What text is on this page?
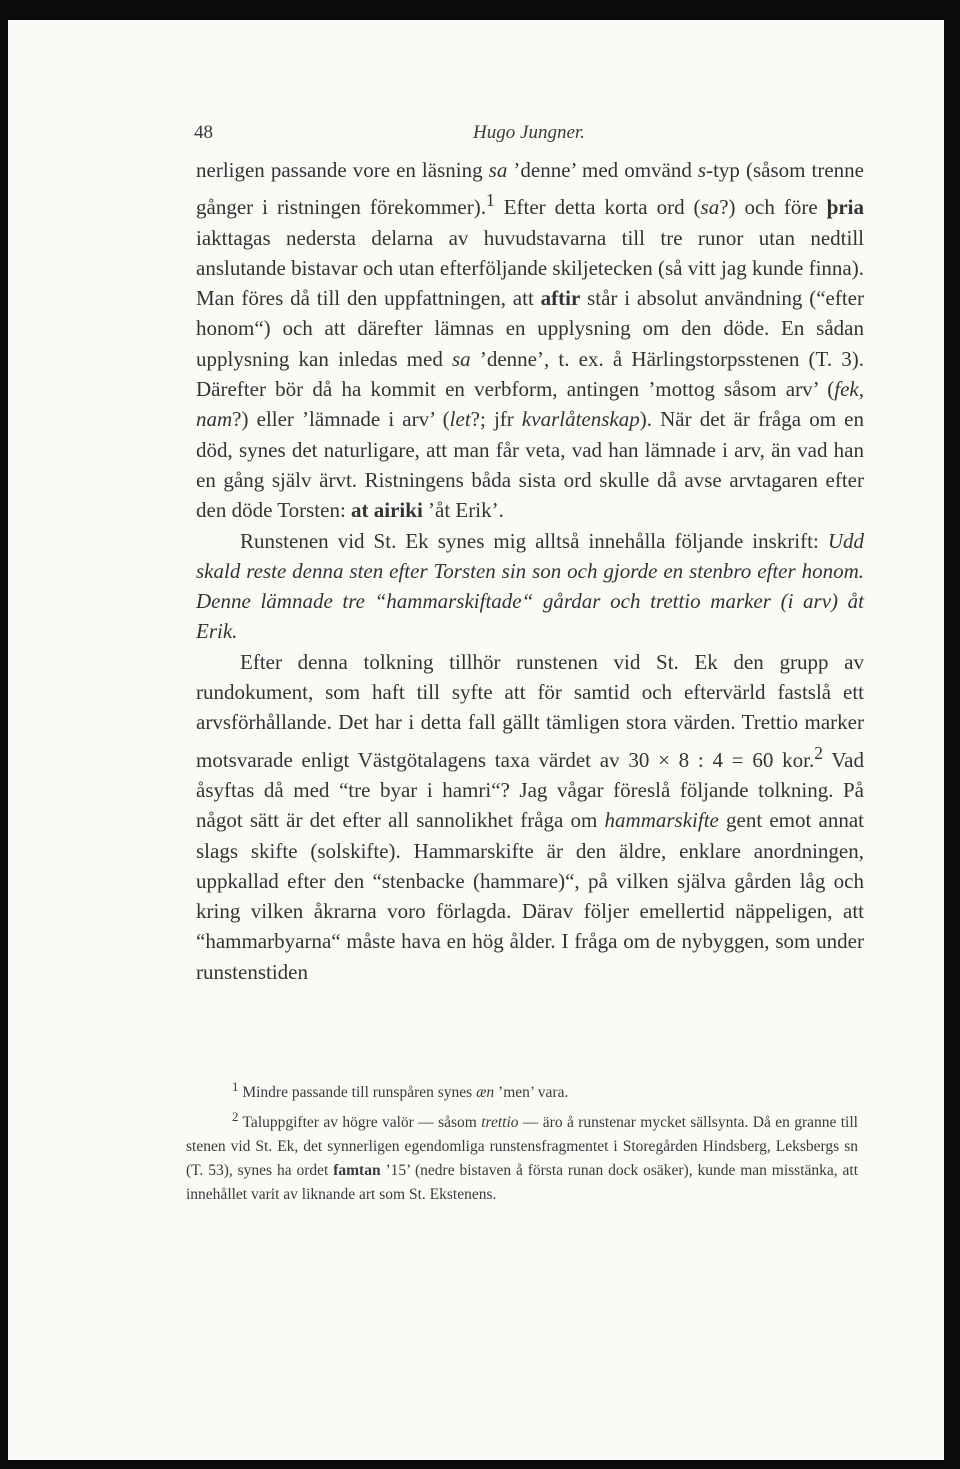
48	Hugo Jungner.

nerligen passande vore en läsning sa ’denne’ med omvänd s-typ (såsom trenne gånger i ristningen förekommer).$^1$ Efter detta korta ord (sa?) och före þria iakttagas nedersta delarna av huvudstavarna till tre runor utan nedtill anslutande bistavar och utan efterföljande skiljetecken (så vitt jag kunde finna). Man föres då till den uppfattningen, att aftir står i absolut användning (“efter honom“) och att därefter lämnas en upplysning om den döde. En sådan upplysning kan inledas med sa ’denne’, t. ex. å Härlingstorpsstenen (T. 3). Därefter bör då ha kommit en verbform, antingen ’mottog såsom arv’ (fek, nam?) eller ’lämnade i arv’ (let?; jfr kvarlåtenskap). När det är fråga om en död, synes det naturligare, att man får veta, vad han lämnade i arv, än vad han en gång själv ärvt. Ristningens båda sista ord skulle då avse arvtagaren efter den döde Torsten: at airiki ’åt Erik’.

Runstenen vid St. Ek synes mig alltså innehålla följande inskrift: Udd skald reste denna sten efter Torsten sin son och gjorde en stenbro efter honom. Denne lämnade tre “hammarskiftade“ gårdar och trettio marker (i arv) åt Erik.

Efter denna tolkning tillhör runstenen vid St. Ek den grupp av rundokument, som haft till syfte att för samtid och eftervärld fastslå ett arvsförhållande. Det har i detta fall gällt tämligen stora värden. Trettio marker motsvarade enligt Västgötalagens taxa värdet av 30 × 8 : 4 = 60 kor.$^2$ Vad åsyftas då med “tre byar i hamri“? Jag vågar föreslå följande tolkning. På något sätt är det efter all sannolikhet fråga om hammarskifte gent emot annat slags skifte (solskifte). Hammarskifte är den äldre, enklare anordningen, uppkallad efter den “stenbacke (hammare)“, på vilken själva gården låg och kring vilken åkrarna voro förlagda. Därav följer emellertid näppeligen, att “hammarbyarna“ måste hava en hög ålder. I fråga om de nybyggen, som under runstenstiden

$^1$ Mindre passande till runspåren synes æn ’men’ vara.

$^2$ Taluppgifter av högre valör — såsom trettio — äro å runstenar mycket sällsynta. Då en granne till stenen vid St. Ek, det synnerligen egendomliga runstensfragmentet i Storegården Hindsberg, Leksbergs sn (T. 53), synes ha ordet famtan ’15’ (nedre bistaven å första runan dock osäker), kunde man misstänka, att innehållet varit av liknande art som St. Ekstenens.
